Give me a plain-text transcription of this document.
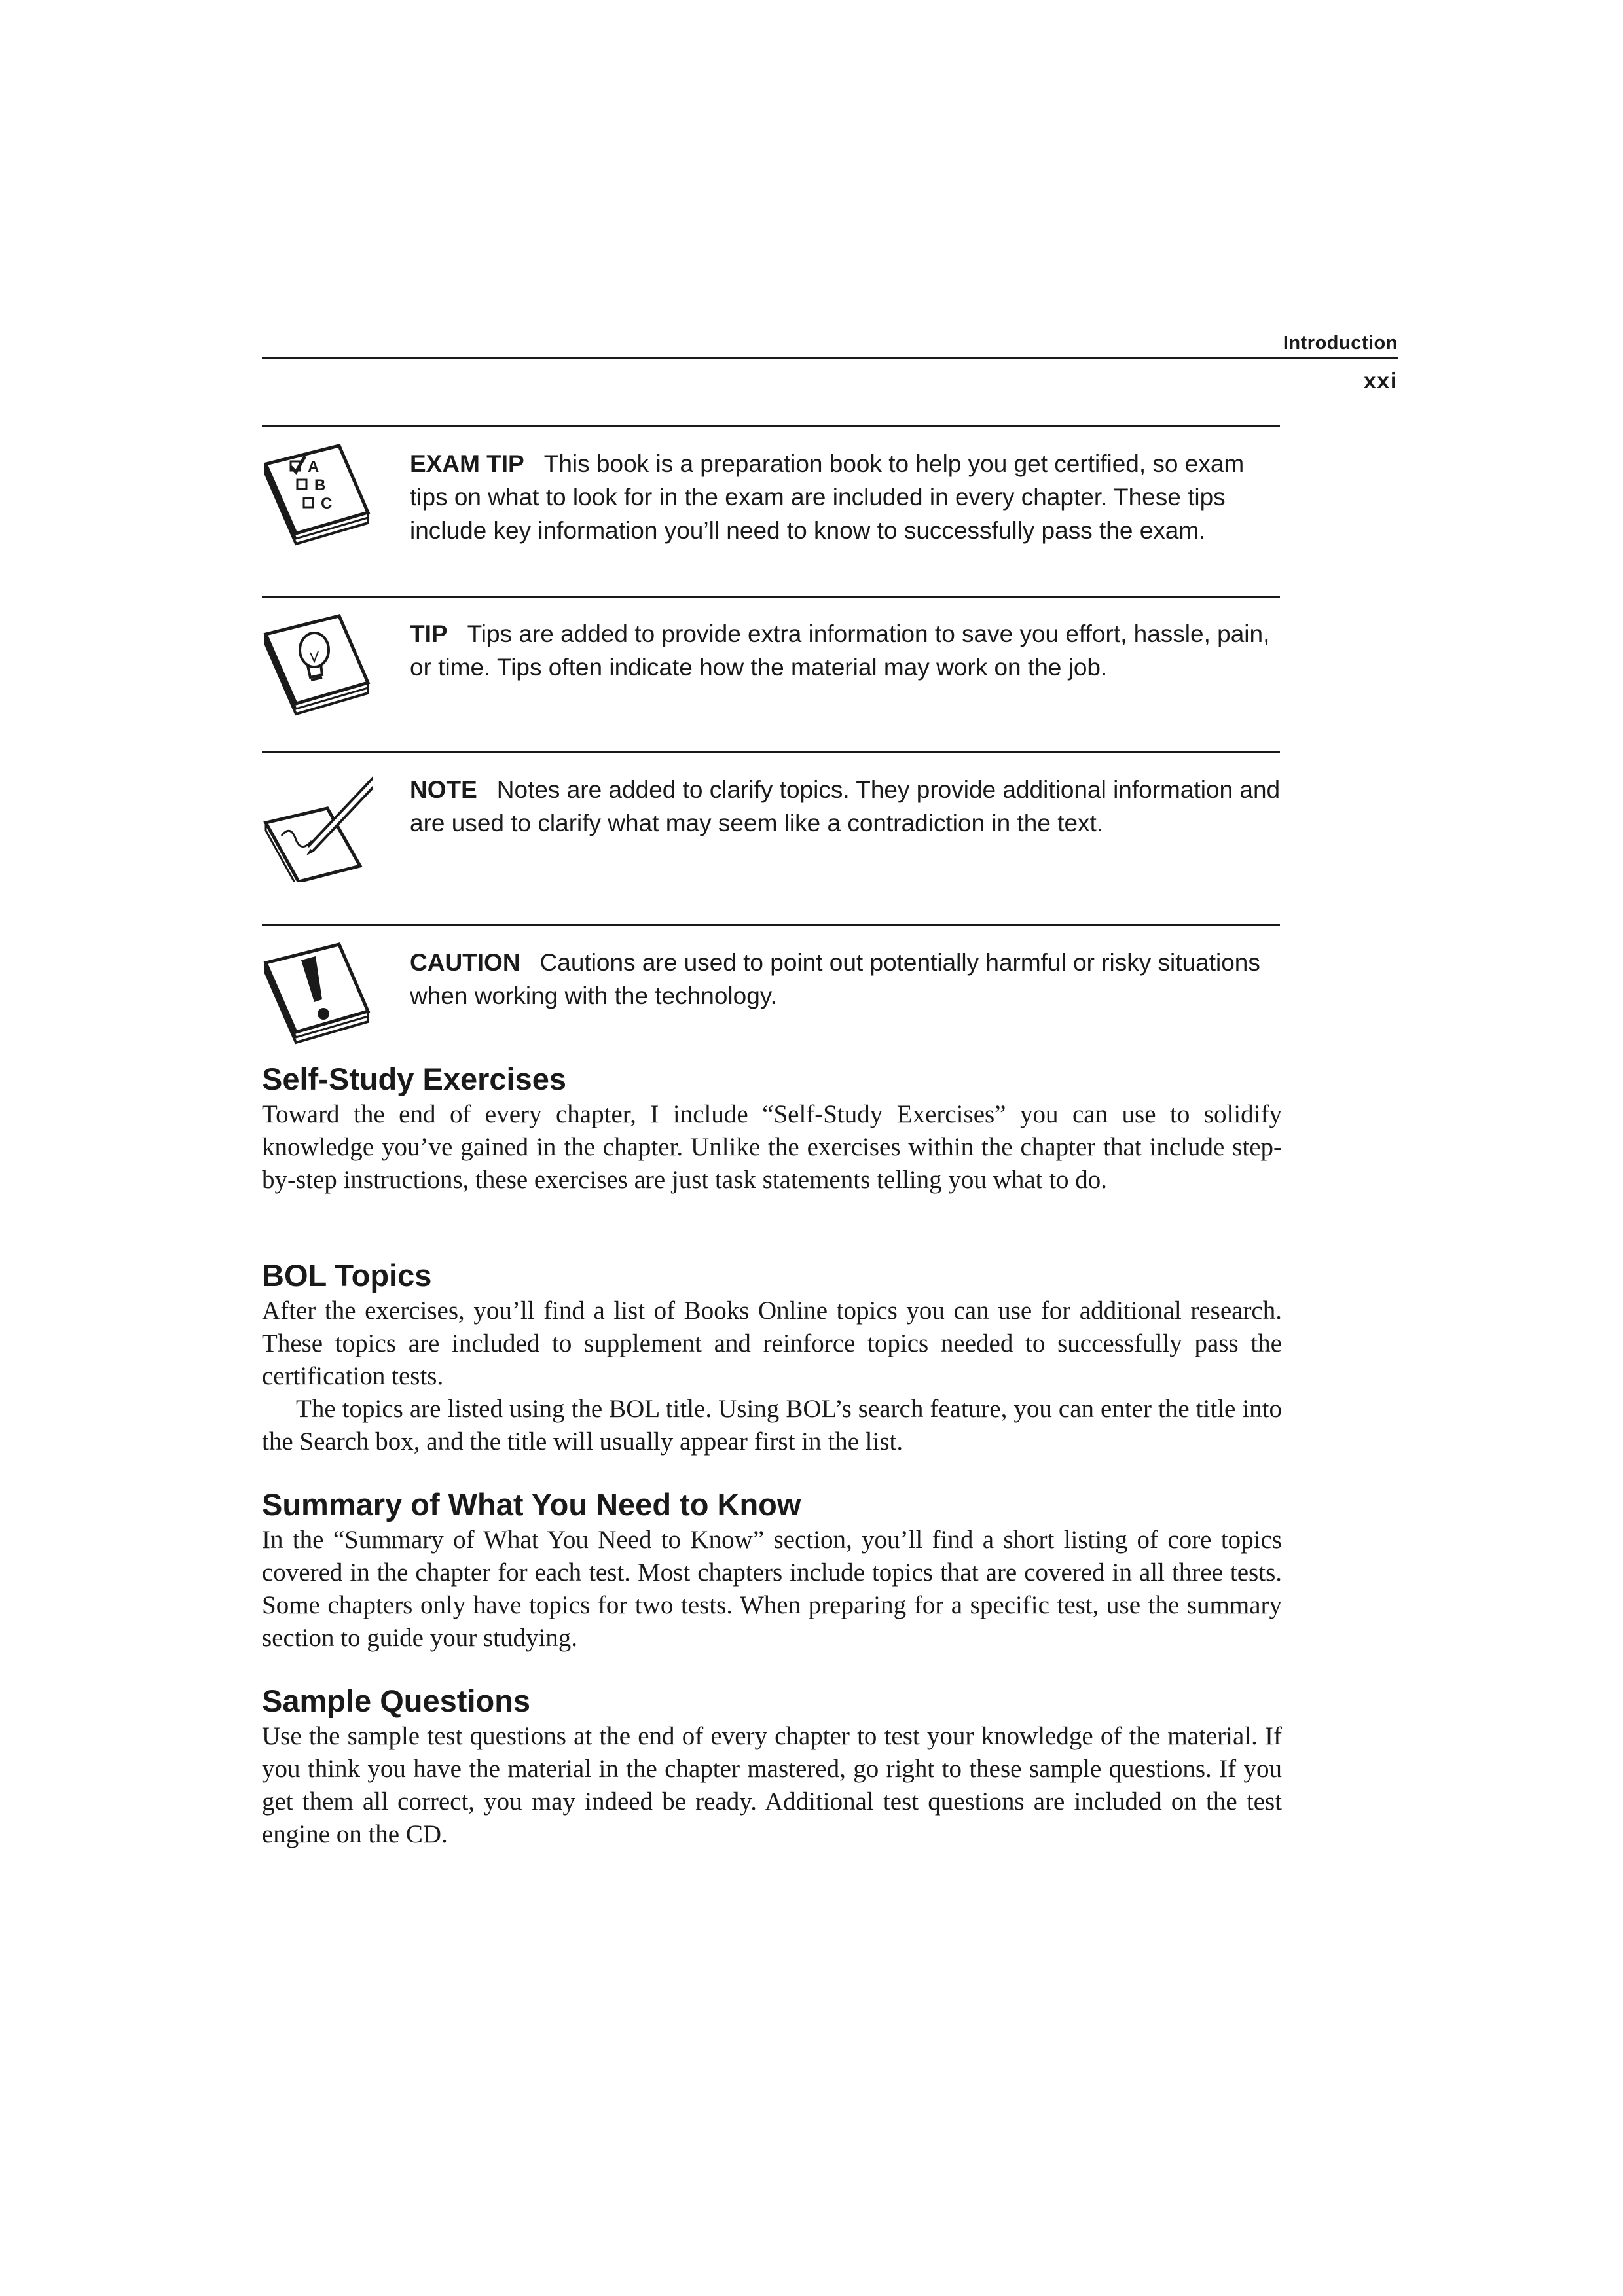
Introduction
xxi
A
B
C
EXAM TIP This book is a preparation book to help you get certified, so exam tips on what to look for in the exam are included in every chapter. These tips include key information you’ll need to know to successfully pass the exam.
TIP Tips are added to provide extra information to save you effort, hassle, pain, or time. Tips often indicate how the material may work on the job.
NOTE Notes are added to clarify topics. They provide additional information and are used to clarify what may seem like a contradiction in the text.
CAUTION Cautions are used to point out potentially harmful or risky situations when working with the technology.
Self-Study Exercises

Toward the end of every chapter, I include “Self-Study Exercises” you can use to solidify knowledge you’ve gained in the chapter. Unlike the exercises within the chapter that include step-by-step instructions, these exercises are just task statements telling you what to do.

BOL Topics

After the exercises, you’ll find a list of Books Online topics you can use for additional research. These topics are included to supplement and reinforce topics needed to successfully pass the certification tests.

The topics are listed using the BOL title. Using BOL’s search feature, you can enter the title into the Search box, and the title will usually appear first in the list.

Summary of What You Need to Know

In the “Summary of What You Need to Know” section, you’ll find a short listing of core topics covered in the chapter for each test. Most chapters include topics that are covered in all three tests. Some chapters only have topics for two tests. When preparing for a specific test, use the summary section to guide your studying.

Sample Questions

Use the sample test questions at the end of every chapter to test your knowledge of the material. If you think you have the material in the chapter mastered, go right to these sample questions. If you get them all correct, you may indeed be ready. Additional test questions are included on the test engine on the CD.
